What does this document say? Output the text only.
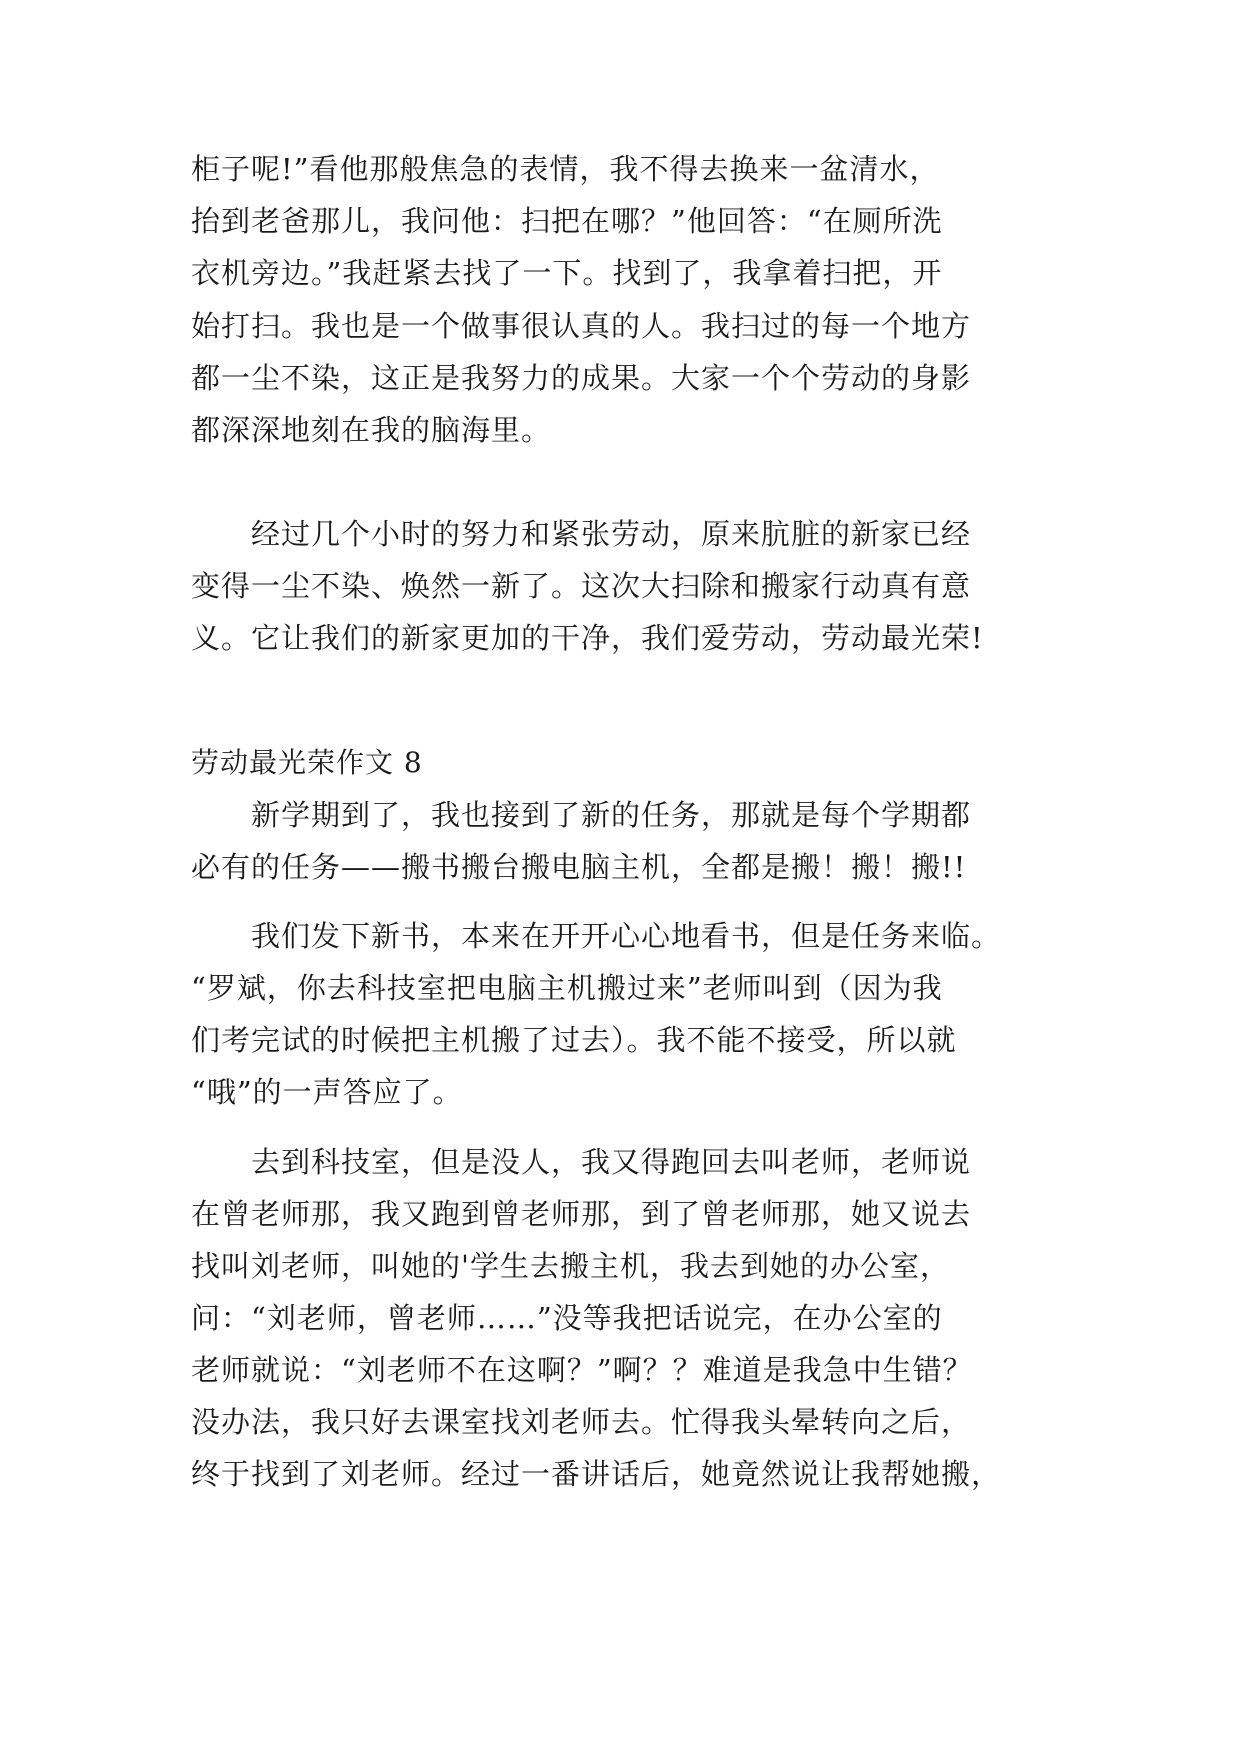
柜子呢!”看他那般焦急的表情，我不得去换来一盆清水，
抬到老爸那儿，我问他：扫把在哪？”他回答：“在厕所洗
衣机旁边。”我赶紧去找了一下。找到了，我拿着扫把，开
始打扫。我也是一个做事很认真的人。我扫过的每一个地方
都一尘不染，这正是我努力的成果。大家一个个劳动的身影
都深深地刻在我的脑海里。
　　经过几个小时的努力和紧张劳动，原来肮脏的新家已经
变得一尘不染、焕然一新了。这次大扫除和搬家行动真有意
义。它让我们的新家更加的干净，我们爱劳动，劳动最光荣!
劳动最光荣作文 8
　　新学期到了，我也接到了新的任务，那就是每个学期都
必有的任务——搬书搬台搬电脑主机，全都是搬！搬！搬!!
　　我们发下新书，本来在开开心心地看书，但是任务来临。
“罗斌，你去科技室把电脑主机搬过来”老师叫到（因为我
们考完试的时候把主机搬了过去）。我不能不接受，所以就
“哦”的一声答应了。
　　去到科技室，但是没人，我又得跑回去叫老师，老师说
在曾老师那，我又跑到曾老师那，到了曾老师那，她又说去
找叫刘老师，叫她的'学生去搬主机，我去到她的办公室，
问：“刘老师，曾老师……”没等我把话说完，在办公室的
老师就说：“刘老师不在这啊？”啊？？难道是我急中生错？
没办法，我只好去课室找刘老师去。忙得我头晕转向之后，
终于找到了刘老师。经过一番讲话后，她竟然说让我帮她搬，
